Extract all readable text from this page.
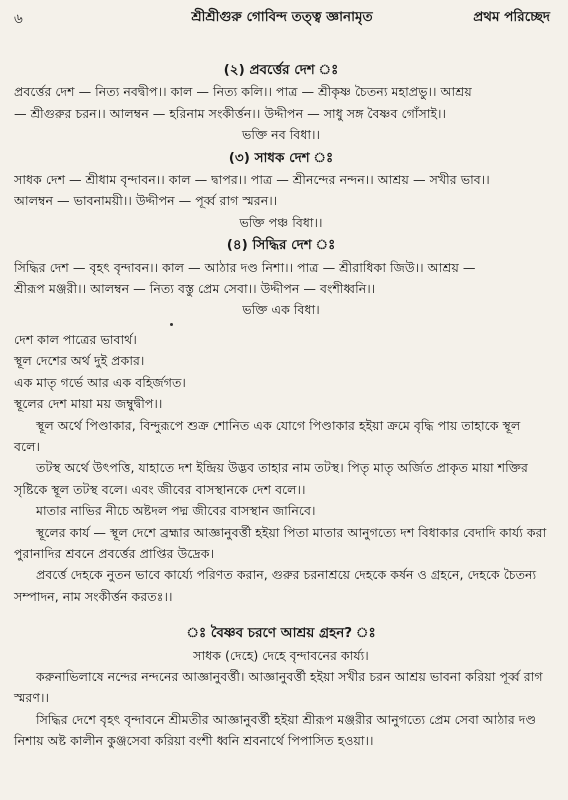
৬	শ্রীশ্রীগুরু গোবিন্দ তত্ত্ব জ্ঞানামৃত	প্রথম পরিচ্ছেদ
(২) প্রবর্ত্তের দেশ ঃ
প্রবর্ত্তের দেশ — নিত্য নবদ্বীপ।। কাল — নিত্য কলি।। পাত্র — শ্রীকৃষ্ণ চৈতন্য মহাপ্রভু।। আশ্রয়
— শ্রীগুরুর চরন।। আলম্বন — হরিনাম সংকীর্ত্তন।। উদ্দীপন — সাধু সঙ্গ বৈষ্ণব গোঁসাই।।
ভক্তি নব বিধা।।
(৩) সাধক দেশ ঃ
সাধক দেশ — শ্রীধাম বৃন্দাবন।। কাল — দ্বাপর।। পাত্র — শ্রীনন্দের নন্দন।। আশ্রয় — সখীর ভাব।।
আলম্বন — ভাবনাময়ী।। উদ্দীপন — পূর্ব্ব রাগ স্মরন।।
ভক্তি পঞ্চ বিধা।।
(৪) সিদ্ধির দেশ ঃ
সিদ্ধির দেশ — বৃহৎ বৃন্দাবন।। কাল — আঠার দণ্ড নিশা।। পাত্র — শ্রীরাধিকা জিউ।। আশ্রয় —
শ্রীরূপ মঞ্জরী।। আলম্বন — নিত্য বস্তু প্রেম সেবা।। উদ্দীপন — বংশীধ্বনি।।
ভক্তি এক বিধা।
দেশ কাল পাত্রের ভাবার্থ।
স্থূল দেশের অর্থ দুই প্রকার।
এক মাতৃ গর্ভে আর এক বহির্জগত।
স্থূলের দেশ মায়া ময় জম্বুদ্বীপ।।

স্থূল অর্থে পিণ্ডাকার, বিন্দুরূপে শুক্র শোনিত এক যোগে পিণ্ডাকার হইয়া ক্রমে বৃদ্ধি পায় তাহাকে স্থূল বলে।

তটস্থ অর্থে উৎপত্তি, যাহাতে দশ ইন্দ্রিয় উদ্ভব তাহার নাম তটস্থ। পিতৃ মাতৃ অর্জিত প্রাকৃত মায়া শক্তির সৃষ্টিকে স্থূল তটস্থ বলে। এবং জীবের বাসস্থানকে দেশ বলে।।

মাতার নাভির নীচে অষ্টদল পদ্ম জীবের বাসস্থান জানিবে।

স্থূলের কার্য — স্থূল দেশে ব্রহ্মার আজ্ঞানুবর্ত্তী হইয়া পিতা মাতার আনুগত্যে দশ বিধাকার বেদাদি কার্য্য করা পুরানাদির শ্রবনে প্রবর্ত্তের প্রাপ্তির উদ্রেক।

প্রবর্ত্তে দেহকে নুতন ভাবে কার্য্যে পরিণত করান, গুরুর চরনাশ্রয়ে দেহকে কর্ষন ও গ্রহনে, দেহকে চৈতন্য সম্পাদন, নাম সংকীর্ত্তন করতঃ।।

ঃ বৈষ্ণব চরণে আশ্রয় গ্রহন? ঃ
সাধক (দেহে) দেহে বৃন্দাবনের কার্য্য।

করুনাভিলাষে নন্দের নন্দনের আজ্ঞানুবর্ত্তী। আজ্ঞানুবর্ত্তী হইয়া সখীর চরন আশ্রয় ভাবনা করিয়া পূর্ব্ব রাগ স্মরণ।।

সিদ্ধির দেশে বৃহৎ বৃন্দাবনে শ্রীমতীর আজ্ঞানুবর্ত্তী হইয়া শ্রীরূপ মঞ্জরীর আনুগত্যে প্রেম সেবা আঠার দণ্ড নিশায় অষ্ট কালীন কুঞ্জসেবা করিয়া বংশী ধ্বনি শ্রবনার্থে পিপাসিত হওয়া।।
